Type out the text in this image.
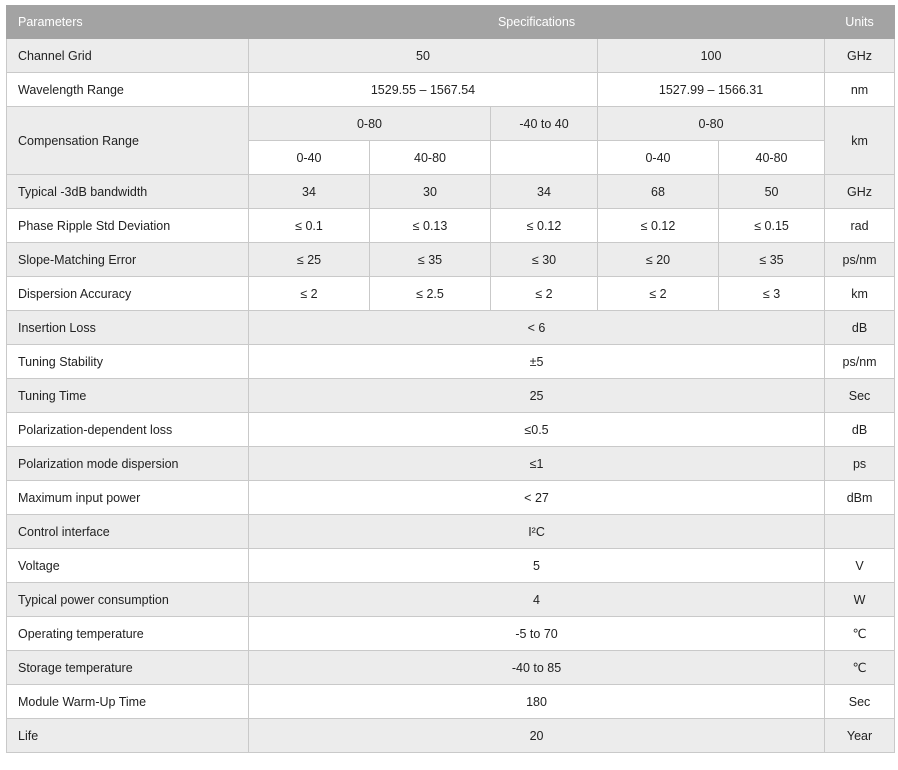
Parameters	Specifications					Units
Channel Grid	50			100		GHz
Wavelength Range	1529.55 – 1567.54			1527.99 – 1566.31		nm
Compensation Range	0-80		-40 to 40	0-80		km
	0-40	40-80		0-40	40-80	
Typical -3dB bandwidth	34	30	34	68	50	GHz
Phase Ripple Std Deviation	≤ 0.1	≤ 0.13	≤ 0.12	≤ 0.12	≤ 0.15	rad
Slope-Matching Error	≤ 25	≤ 35	≤ 30	≤ 20	≤ 35	ps/nm
Dispersion Accuracy	≤ 2	≤ 2.5	≤ 2	≤ 2	≤ 3	km
Insertion Loss	< 6					dB
Tuning Stability	±5					ps/nm
Tuning Time	25					Sec
Polarization-dependent loss	≤0.5					dB
Polarization mode dispersion	≤1					ps
Maximum input power	< 27					dBm
Control interface	I²C					
Voltage	5					V
Typical power consumption	4					W
Operating temperature	-5 to 70					℃
Storage temperature	-40 to 85					℃
Module Warm-Up Time	180					Sec
Life	20					Year
